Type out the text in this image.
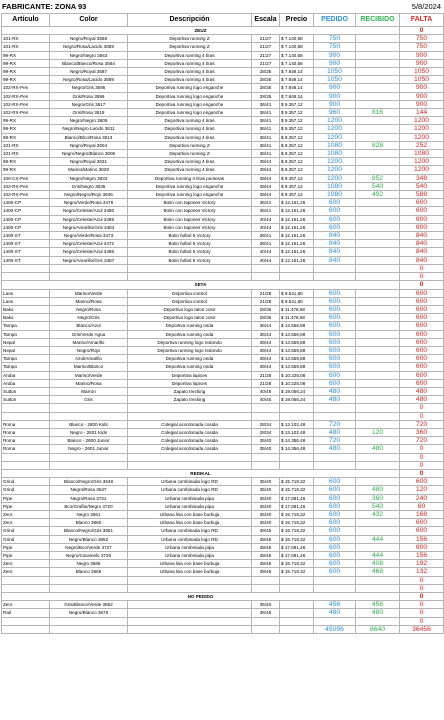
FABRICANTE: ZONA 93	5/8/2024
Artículo	Color	Descripción	Escala	Precio	PEDIDO	RECIBIDO	FALTA
ZEUZ							0
101-RX	Negro/Royal 3558	Deportiva running Z	21/27	$ 7.140,58	750		750
101-RX	Negro/Rosa/Lacido 3559	Deportiva running Z	21/27	$ 7.140,58	750		750
99-RX	Negro/Negro 3563	Deportiva running 4 tiras	21/27	$ 7.140,58	900		900
99-RX	Blanco/Blanco/Rosa 3564	Deportiva running 4 tiras	21/27	$ 7.140,58	900		900
99-RX	Negro/Royal 3587	Deportiva running 4 tiras	28/35	$ 7.848,14	1050		1050
99-RX	Negro/Rosa/Lacido 3589	Deportiva running 4 tiras	28/35	$ 7.848,14	1050		1050
102-RX-Pes	Negro/Gris 3595	Deportiva running logo enganche	28/35	$ 7.848,14	900		900
102-RX-Pes	Gris/Rosa 3596	Deportiva running logo enganche	28/35	$ 7.848,14	900		900
102-RX-Pes	Negro/Gris 3617	Deportiva running logo enganche	36/41	$ 9.357,12	900		900
102-RX-Pes	Gris/Rosa 3618	Deportiva running logo enganche	36/41	$ 9.357,12	960	816	144
99-RX	Negro/Negro 3609	Deportiva running 4 tiras	36/41	$ 9.357,12	1200		1200
99-RX	Negro/Negro Lacido 3611	Deportiva running 4 tiras	36/41	$ 9.357,12	1200		1200
99-RX	Blanco/Blco/Rosa 3613	Deportiva running 4 tiras	36/41	$ 9.357,12	1200		1200
101-RX	Negro/Royal 3604	Deportiva running Z	36/41	$ 9.357,12	1080	828	252
101-RX	Negro/Negro/Blanco 3606	Deportiva running Z	36/41	$ 9.357,12	1080		1080
99-RX	Negro/Royal 3631	Deportiva running 4 tiras	39/44	$ 9.357,12	1200		1200
99-RX	Marino/Marino 3629	Deportiva running 4 tiras	39/44	$ 9.357,12	1200		1200
100-CX-Pes	Negro/Negro 3633	Deportiva running 4 tiras punteras	39/44	$ 9.357,12	1200	852	348
102-RX-Pes	Gris/Negro 3635	Deportiva running logo enganche	39/44	$ 9.357,12	1080	540	540
102-RX-Pes	Negro/Negro/Rojo 3636	Deportiva running logo enganche	39/44	$ 9.357,12	1080	492	588
1400-CP	Negro/Verde/Rosa 3478	Botin con tapones Victory	36/41	$ 12.151,26	600		600
1400-CP	Negro/Celeste/Azul 3480	Botin con tapones Victory	36/41	$ 12.151,26	600		600
1400-CP	Negro/Celeste/Azul 3485	Botin con tapones Victory	40/44	$ 12.151,26	600		600
1400-CP	Negro/Amarillo/Gris 3484	Botin con tapones Victory	40/44	$ 12.151,26	600		600
1400-ST	Negro/Verde/Rosa 3473	Botin futbol 5 Victory	36/41	$ 12.151,26	840		840
1400-ST	Negro/Celeste/Azul 3472	Botin futbol 5 Victory	36/41	$ 12.151,26	840		840
1400-ST	Negro/Celeste/Azul 3486	Botin futbol 5 Victory	40/44	$ 12.151,26	840		840
1400-ST	Negro/Amarillo/Gris 3487	Botin futbol 5 Victory	40/44	$ 12.151,26	840		840
							0
							0
SETA							0
Laos	Marino/Verde	Deportiva control	21/28	$ 9.541,80	600		600
Laos	Marino/Rosa	Deportiva control	21/28	$ 9.541,80	600		600
Baku	Negro/Rosa	Deportiva logo talon color	28/35	$ 11.478,68	600		600
Baku	Negro/Gris	Deportiva logo talon color	28/35	$ 11.478,68	600		600
Tampa	Blanco/Azul	Deportiva running onda	36/44	$ 13.556,88	600		600
Tampa	Gris/Verde Agua	Deportiva running onda	36/44	$ 13.556,88	600		600
Nepal	Marino/Amarillo	Deportiva running logo redondo	39/44	$ 13.556,88	600		600
Nepal	Negro/Rojo	Deportiva running logo redondo	39/44	$ 13.556,88	600		600
Tampa	Azul/Amarillo	Deportiva running onda	39/44	$ 13.556,88	600		600
Tampa	Marino/Blanco	Deportiva running onda	39/44	$ 13.556,88	600		600
Aruba	Marino/Verde	Deportiva lapices	21/28	$ 10.225,08	600		600
Aruba	Marino/Rosa	Deportiva lapices	21/28	$ 10.225,08	600		600
Sutton	Marron	Zapato trecking	40/45	$ 19.056,24	480		480
Sutton	Gris	Zapato trecking	40/45	$ 19.056,24	480		480
							0
							0
Roma	Blanco - 2600 Kids	Colegial acordonada cosida	28/34	$ 13.102,48	720		720
Roma	Negro - 2601 Kids	Colegial acordonada cosida	28/34	$ 13.102,48	480	120	360
Roma	Blanco - 2600 Junior	Colegial acordonada cosida	35/40	$ 14.356,48	720		720
Roma	Negro - 2601 Junior	Colegial acordonada cosida	35/40	$ 14.356,48	480	480	0
							0
							0
REDIKAL							0
Grind	Blanco/Negro/Gris 3648	Urbana combinada logo RD	35/40	$ 15.718,32	600		600
Grind	Negro/Rosa 3647	Urbana combinada logo RD	35/40	$ 15.718,32	600	480	120
Pipe	Negro/Rosa 3721	Urbana combinada pipa	35/40	$ 17.681,46	600	360	240
Pipe	Bco/Grafito/Negro 3720	Urbana combinada pipa	35/40	$ 17.681,46	600	540	60
Zero	Negro 3661	Urbana lisa con base burbuja	35/40	$ 15.718,32	600	432	168
Zero	Blanco 3660	Urbana lisa con base burbuja	35/40	$ 15.718,32	600		600
Grind	Blanco/Negro/Gris 3651	Urbana combinada logo RD	39/45	$ 15.718,32	600		600
Grind	Negro/Blanco 3652	Urbana combinada logo RD	39/45	$ 15.718,32	600	444	156
Pipe	Negro/Bco/Verde 3727	Urbana combinada pipa	39/45	$ 17.681,46	600		600
Pipe	Negro/Caramelo 3726	Urbana combinada pipa	39/45	$ 17.681,46	600	444	156
Zero	Negro 3666	Urbana lisa con base burbuja	39/45	$ 15.718,32	600	408	192
Zero	Blanco 3665	Urbana lisa con base burbuja	39/45	$ 15.718,32	600	468	132
							0
							0
NO PEDIDO							0
Zero	Gris/Blanco/Verde 3662		35/40		456	456	0
Rail	Negro/Blanco 3676		36/45		480	480	0
							0
					45096	8640	36456
